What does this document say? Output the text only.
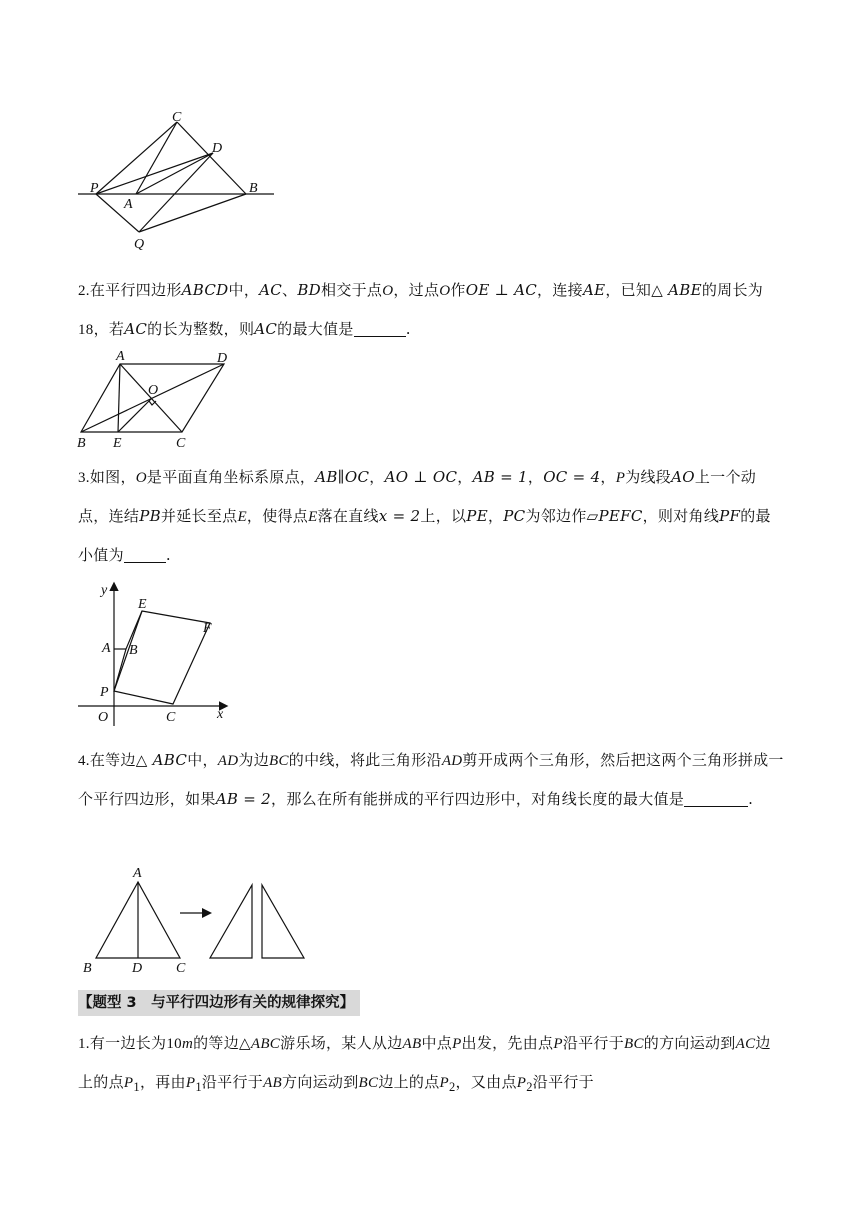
C
D
P
A
B
Q
2.在平行四边形ABCD中，AC、BD相交于点O，过点O作OE ⊥ AC，连接AE，已知△ ABE的周长为18，若AC的长为整数，则AC的最大值是	.
A	D
O
B E	C
3.如图，O是平面直角坐标系原点，AB∥OC，AO ⊥ OC，AB = 1，OC = 4，P为线段AO上一个动点，连结PB并延长至点E，使得点E落在直线x = 2上，以PE，PC为邻边作▱PEFC，则对角线PF的最小值为	.
y
E
F
A B
P
O	C	x
4.在等边△ ABC中，AD为边BC的中线，将此三角形沿AD剪开成两个三角形，然后把这两个三角形拼成一个平行四边形，如果AB = 2，那么在所有能拼成的平行四边形中，对角线长度的最大值是	.
A
B	D C
【题型 3　与平行四边形有关的规律探究】
1.有一边长为10m的等边△ABC游乐场，某人从边AB中点P出发，先由点P沿平行于BC的方向运动到AC边上的点$P_1$，再由$P_1$沿平行于AB方向运动到BC边上的点$P_2$，又由点$P_2$沿平行于
